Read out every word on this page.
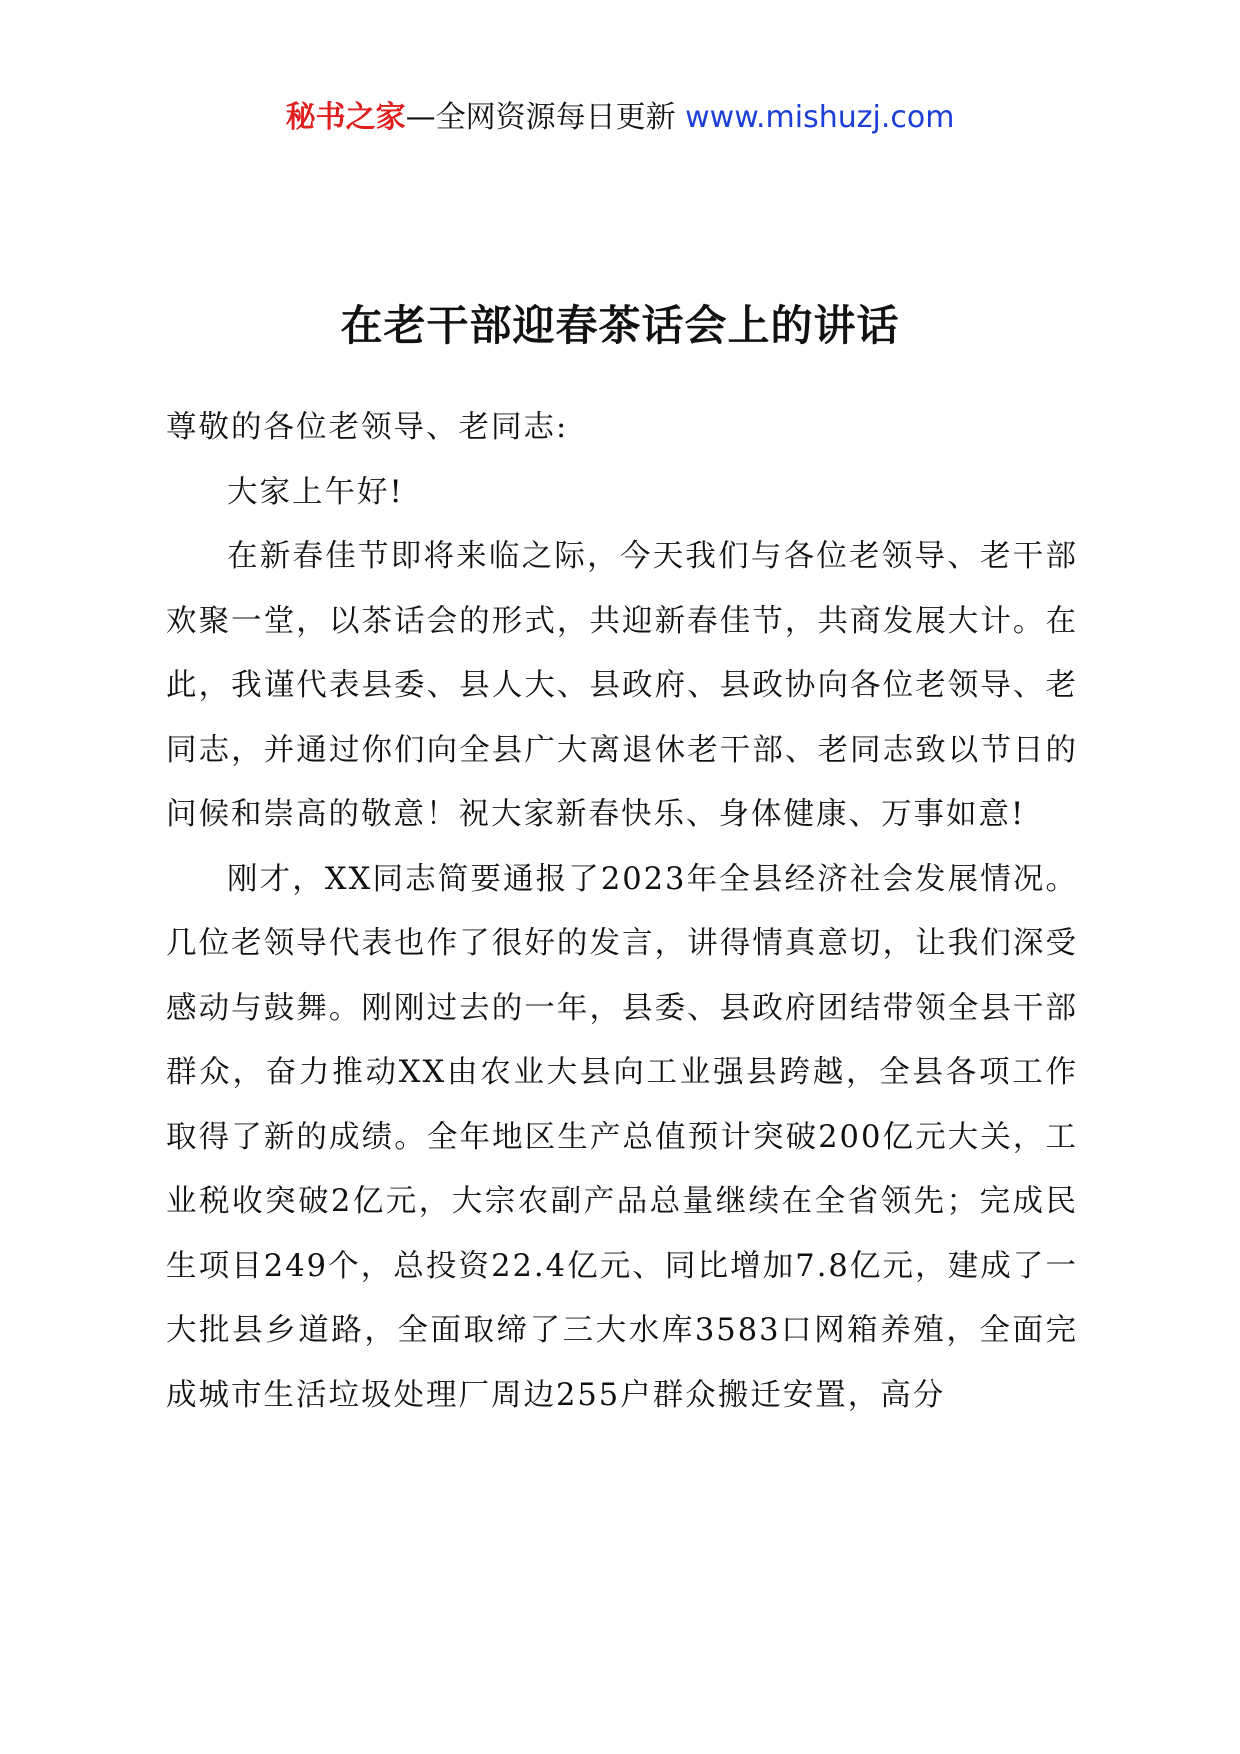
秘书之家—全网资源每日更新 www.mishuzj.com
在老干部迎春茶话会上的讲话

尊敬的各位老领导、老同志:

大家上午好!

在新春佳节即将来临之际，今天我们与各位老领导、老干部欢聚一堂，以茶话会的形式，共迎新春佳节，共商发展大计。在此，我谨代表县委、县人大、县政府、县政协向各位老领导、老同志，并通过你们向全县广大离退休老干部、老同志致以节日的问候和崇高的敬意！祝大家新春快乐、身体健康、万事如意!

刚才，XX同志简要通报了2023年全县经济社会发展情况。几位老领导代表也作了很好的发言，讲得情真意切，让我们深受感动与鼓舞。刚刚过去的一年，县委、县政府团结带领全县干部群众，奋力推动XX由农业大县向工业强县跨越，全县各项工作取得了新的成绩。全年地区生产总值预计突破200亿元大关，工业税收突破2亿元，大宗农副产品总量继续在全省领先；完成民生项目249个，总投资22.4亿元、同比增加7.8亿元，建成了一大批县乡道路，全面取缔了三大水库3583口网箱养殖，全面完成城市生活垃圾处理厂周边255户群众搬迁安置，高分
